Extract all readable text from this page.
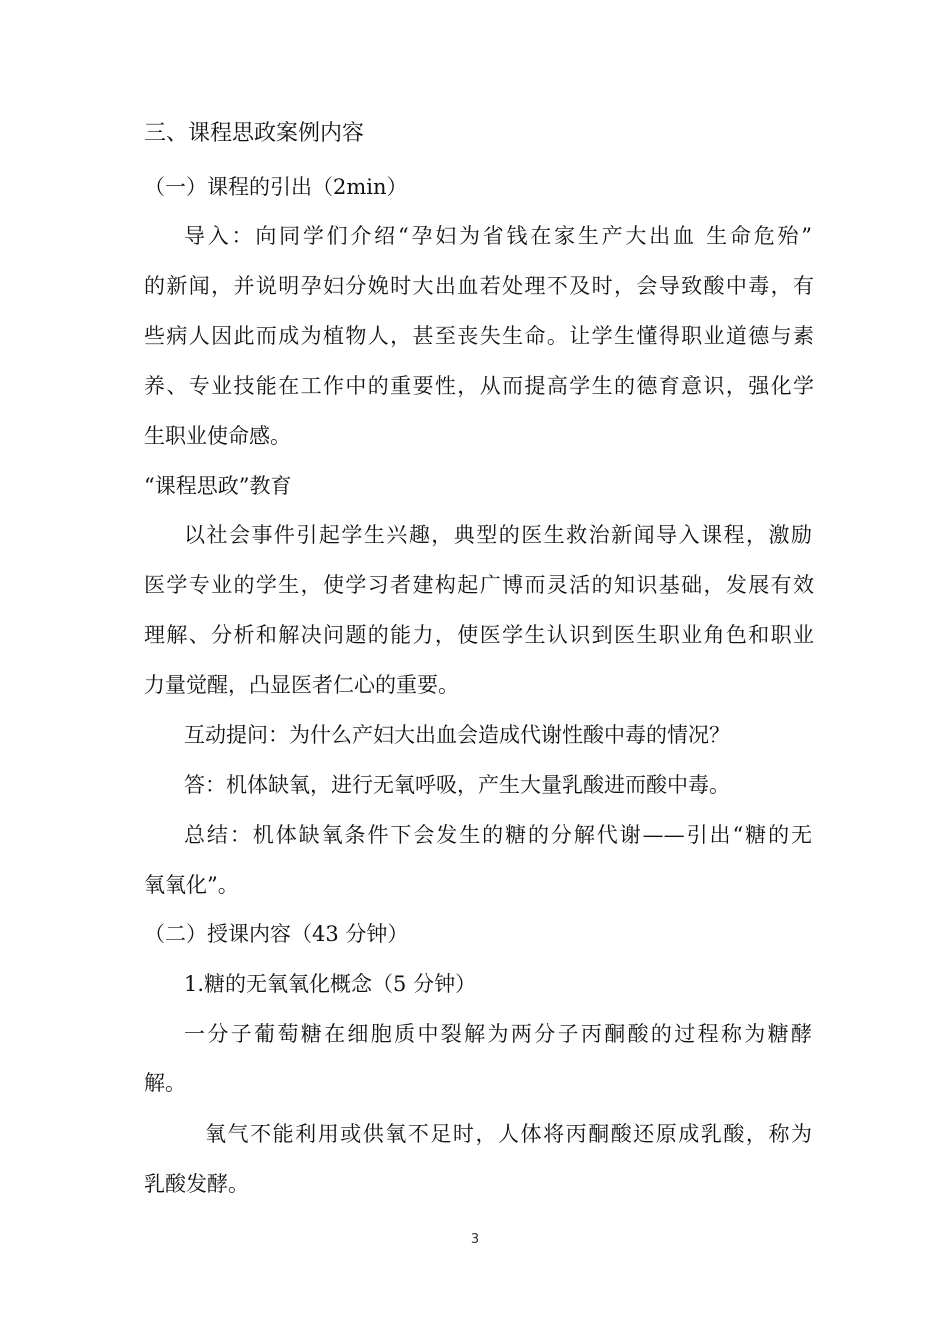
三、课程思政案例内容
（一）课程的引出（2min）
导入：向同学们介绍“孕妇为省钱在家生产大出血 生命危殆”
的新闻，并说明孕妇分娩时大出血若处理不及时，会导致酸中毒，有
些病人因此而成为植物人，甚至丧失生命。让学生懂得职业道德与素
养、专业技能在工作中的重要性，从而提高学生的德育意识，强化学
生职业使命感。
“课程思政”教育
以社会事件引起学生兴趣，典型的医生救治新闻导入课程，激励
医学专业的学生，使学习者建构起广博而灵活的知识基础，发展有效
理解、分析和解决问题的能力，使医学生认识到医生职业角色和职业
力量觉醒，凸显医者仁心的重要。
互动提问：为什么产妇大出血会造成代谢性酸中毒的情况？
答：机体缺氧，进行无氧呼吸，产生大量乳酸进而酸中毒。
总结：机体缺氧条件下会发生的糖的分解代谢——引出“糖的无
氧氧化”。
（二）授课内容（43 分钟）
1.糖的无氧氧化概念（5 分钟）
一分子葡萄糖在细胞质中裂解为两分子丙酮酸的过程称为糖酵
解。
氧气不能利用或供氧不足时，人体将丙酮酸还原成乳酸，称为
乳酸发酵。
3
